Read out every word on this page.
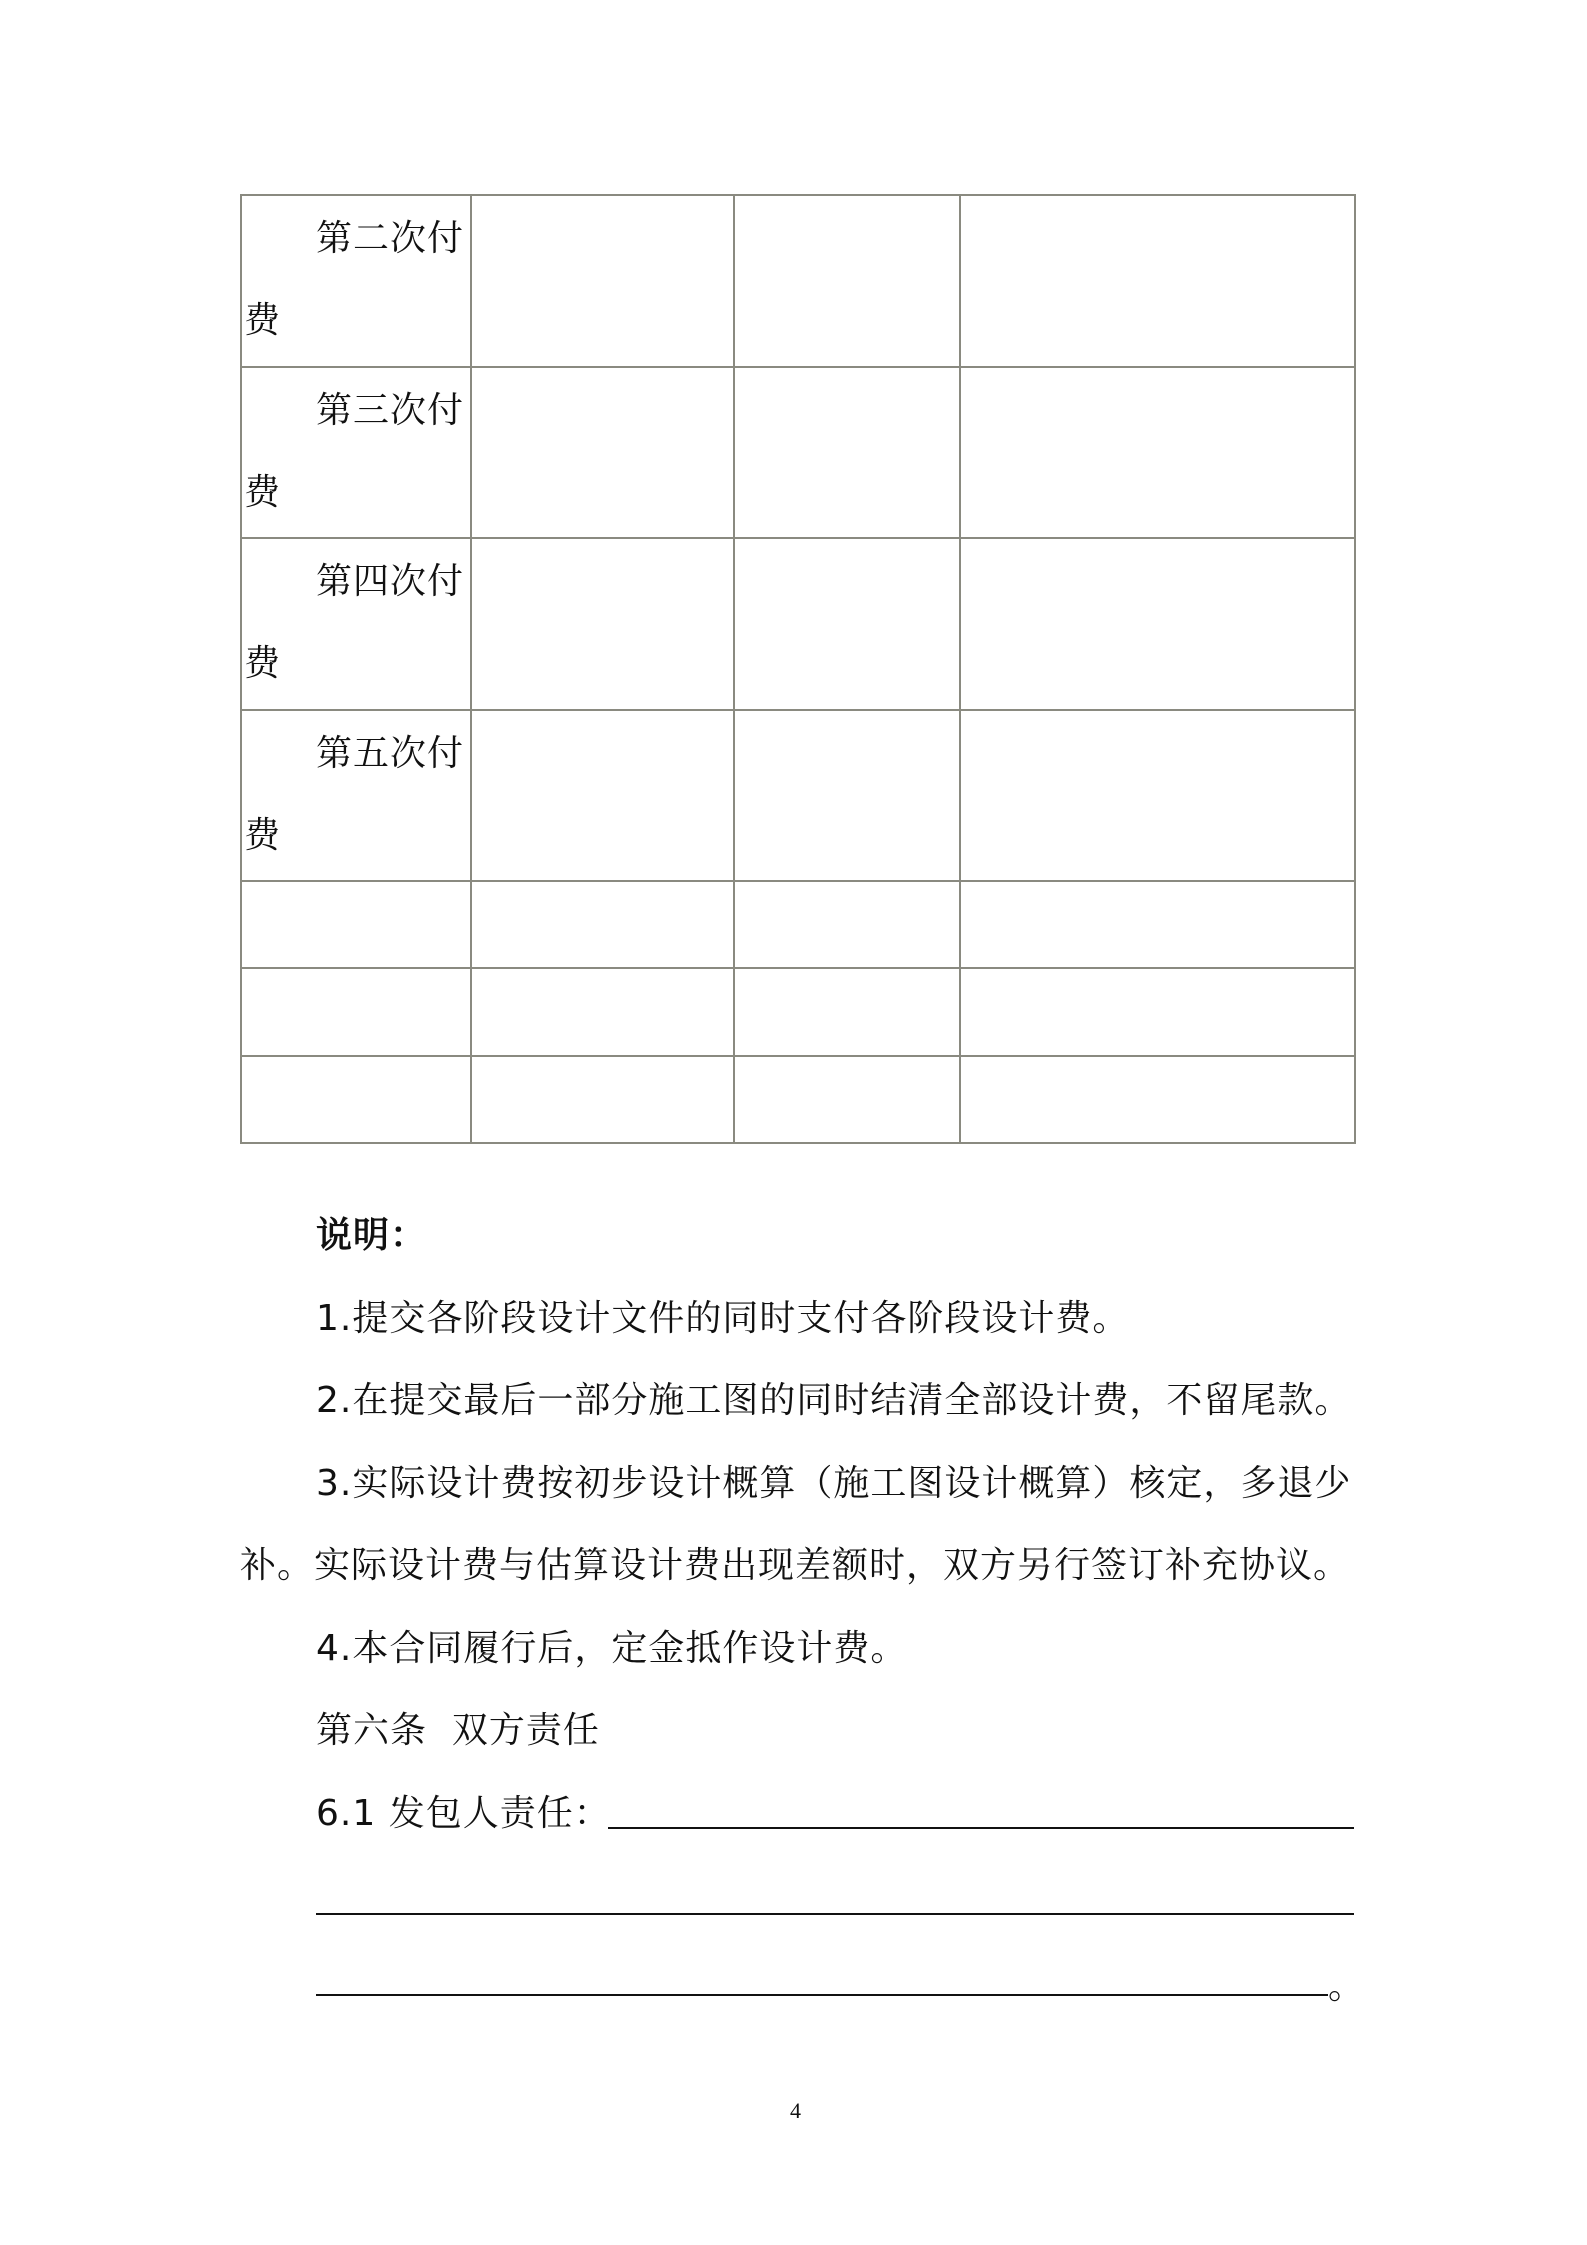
第二次付
费			

第三次付
费			

第四次付
费			

第五次付
费			

说明：
1.提交各阶段设计文件的同时支付各阶段设计费。
2.在提交最后一部分施工图的同时结清全部设计费，不留尾款。
3.实际设计费按初步设计概算（施工图设计概算）核定，多退少
补。实际设计费与估算设计费出现差额时，双方另行签订补充协议。
4.本合同履行后，定金抵作设计费。
第六条  双方责任
6.1 发包人责任：
。
4
